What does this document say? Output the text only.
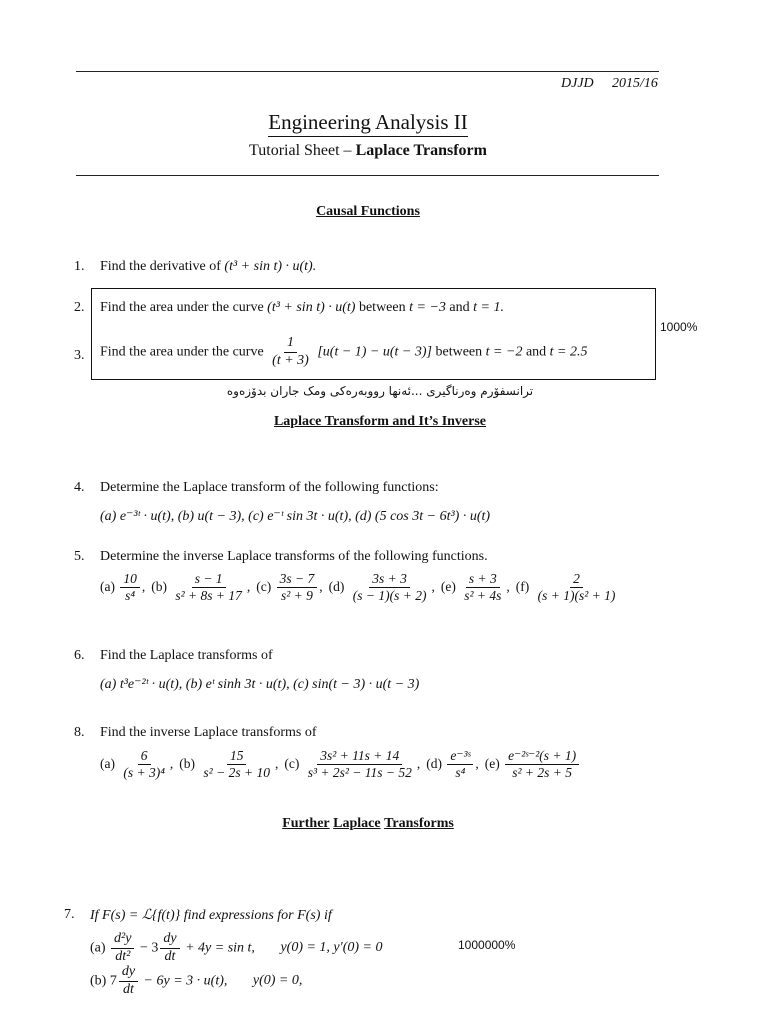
DJJD 2015/16
Engineering Analysis II
Tutorial Sheet – Laplace Transform
Causal Functions
1. Find the derivative of (t³ + sin t) · u(t).
2. Find the area under the curve (t³ + sin t) · u(t) between t = −3 and t = 1.
1000%
3. Find the area under the curve $\frac{1}{(t + 3)} [u(t - 1) - u(t - 3)]$ between t = −2 and t = 2.5
ترانسفۆرم وەرناگیری ...ئەنها رووبەرەکی ومک جاران بدۆزەوە
Laplace Transform and It’s Inverse
4. Determine the Laplace transform of the following functions:
(a) e⁻³ᵗ · u(t), (b) u(t − 3), (c) e⁻ᵗ sin 3t · u(t), (d) (5 cos 3t − 6t³) · u(t)
5. Determine the inverse Laplace transforms of the following functions.
$(a) \frac{10}{\text{s⁴}}$ , $(b) \frac{s - 1}{\text{s² + 8s + 17}}$ , $(c) \frac{3s - 7}{\text{s² + 9}}$ , $(d) \frac{3s + 3}{(s - 1)(s + 2)}$ , $(e) \frac{s + 3}{\text{s² + 4s}}$ , $(f) \frac{2}{\text{(s + 1)(s² + 1)}}$
6. Find the Laplace transforms of
(a) t³e⁻²ᵗ · u(t), (b) eᵗ sinh 3t · u(t), (c) sin(t − 3) · u(t − 3)
8. Find the inverse Laplace transforms of
$(a) \frac{6}{\text{(s + 3)⁴}}$ , $(b) \frac{15}{\text{s² − 2s + 10}}$ , $(c) \frac{\text{3s² + 11s + 14}}{\text{s³ + 2s² − 11s − 52}}$ , $(d) \frac{\text{e⁻³ˢ}}{\text{s⁴}}$ , $(e) \frac{\text{e⁻²ˢ⁻²(s + 1)}}{\text{s² + 2s + 5}}$
Further Laplace Transforms
7. If F(s) = ℒ{f(t)} find expressions for F(s) if
$(a) \frac{\text{d²y}}{\text{dt²}} - 3 \frac{dy}{dt} + 4y = \sin t$, y(0) = 1, y′(0) = 0	1000000%
(b) $7 \frac{dy}{dt} - 6y = 3 \cdot u(t)$, y(0) = 0,
